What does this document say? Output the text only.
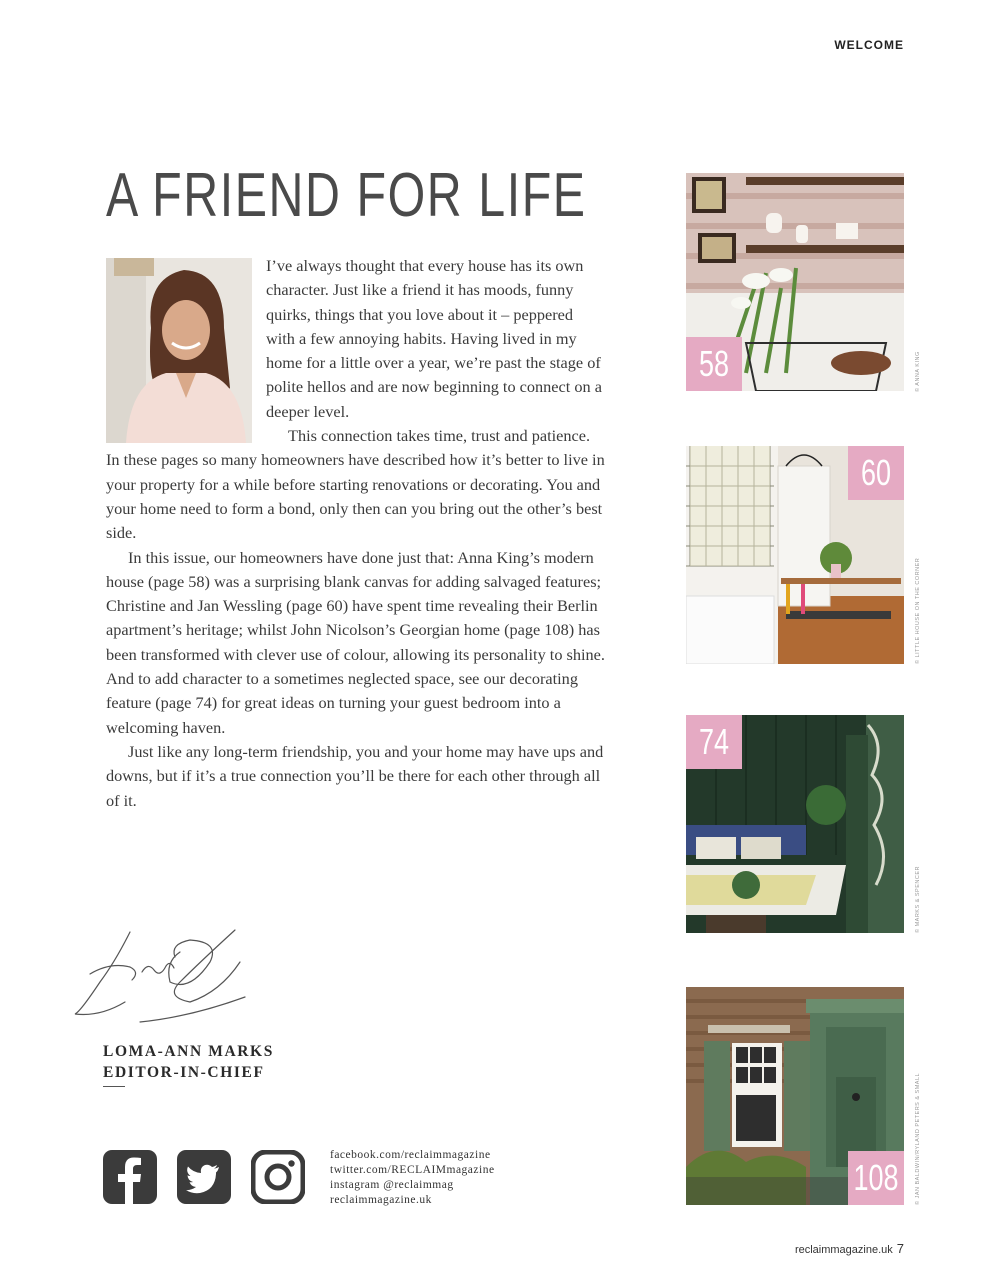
WELCOME
A FRIEND FOR LIFE

I’ve always thought that every house has its own character. Just like a friend it has moods, funny quirks, things that you love about it – peppered with a few annoying habits. Having lived in my home for a little over a year, we’re past the stage of polite hellos and are now beginning to connect on a deeper level.

This connection takes time, trust and patience. In these pages so many homeowners have described how it’s better to live in your property for a while before starting renovations or decorating. You and your home need to form a bond, only then can you bring out the other’s best side.

In this issue, our homeowners have done just that: Anna King’s modern house (page 58) was a surprising blank canvas for adding salvaged features; Christine and Jan Wessling (page 60) have spent time revealing their Berlin apartment’s heritage; whilst John Nicolson’s Georgian home (page 108) has been transformed with clever use of colour, allowing its personality to shine. And to add character to a sometimes neglected space, see our decorating feature (page 74) for great ideas on turning your guest bedroom into a welcoming haven.

Just like any long-term friendship, you and your home may have ups and downs, but if it’s a true connection you’ll be there for each other through all of it.

LOMA-ANN MARKS
EDITOR-IN-CHIEF
facebook.com/reclaimmagazine
twitter.com/RECLAIMmagazine
instagram @reclaimmag
reclaimmagazine.uk
58	© ANNA KING
60
© LITTLE HOUSE ON THE CORNER
74
© MARKS & SPENCER
108	© JAN BALDWIN/RYLAND PETERS & SMALL
reclaimmagazine.uk 7
